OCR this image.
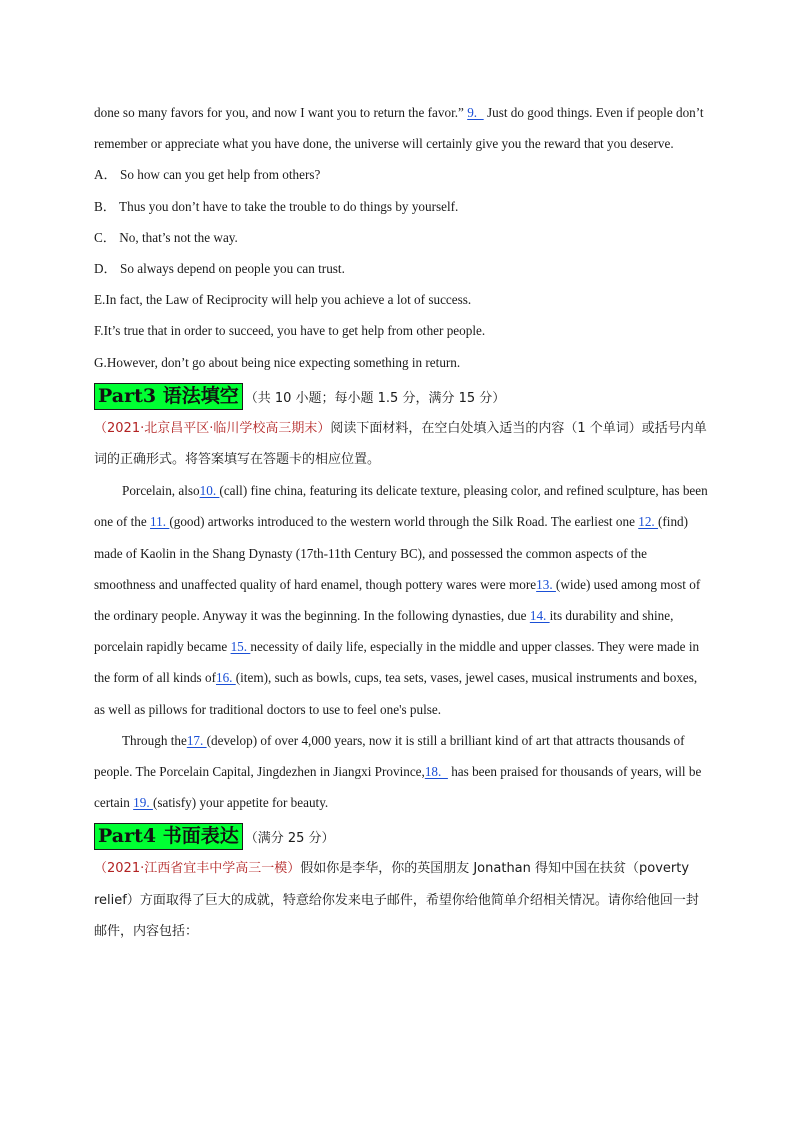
done so many favors for you, and now I want you to return the favor.” 9.   Just do good things. Even if people don’t remember or appreciate what you have done, the universe will certainly give you the reward that you deserve.

A． So how can you get help from others?

B． Thus you don’t have to take the trouble to do things by yourself.

C． No, that’s not the way.

D． So always depend on people you can trust.

E.In fact, the Law of Reciprocity will help you achieve a lot of success.

F.It’s true that in order to succeed, you have to get help from other people.

G.However, don’t go about being nice expecting something in return.

Part3 语法填空 （共 10 小题；每小题 1.5 分，满分 15 分）

（2021·北京昌平区·临川学校高三期末）阅读下面材料，在空白处填入适当的内容（1 个单词）或括号内单词的正确形式。将答案填写在答题卡的相应位置。

Porcelain, also10. (call) fine china, featuring its delicate texture, pleasing color, and refined sculpture, has been one of the 11. (good) artworks introduced to the western world through the Silk Road. The earliest one 12. (find) made of Kaolin in the Shang Dynasty (17th-11th Century BC), and possessed the common aspects of the smoothness and unaffected quality of hard enamel, though pottery wares were more13. (wide) used among most of the ordinary people. Anyway it was the beginning. In the following dynasties, due 14. its durability and shine, porcelain rapidly became 15. necessity of daily life, especially in the middle and upper classes. They were made in the form of all kinds of16. (item), such as bowls, cups, tea sets, vases, jewel cases, musical instruments and boxes, as well as pillows for traditional doctors to use to feel one's pulse.

Through the17. (develop) of over 4,000 years, now it is still a brilliant kind of art that attracts thousands of people. The Porcelain Capital, Jingdezhen in Jiangxi Province,18.   has been praised for thousands of years, will be certain 19. (satisfy) your appetite for beauty.

Part4 书面表达 （满分 25 分）

（2021·江西省宜丰中学高三一模）假如你是李华，你的英国朋友 Jonathan 得知中国在扶贫（poverty relief）方面取得了巨大的成就，特意给你发来电子邮件，希望你给他简单介绍相关情况。请你给他回一封邮件，内容包括：
